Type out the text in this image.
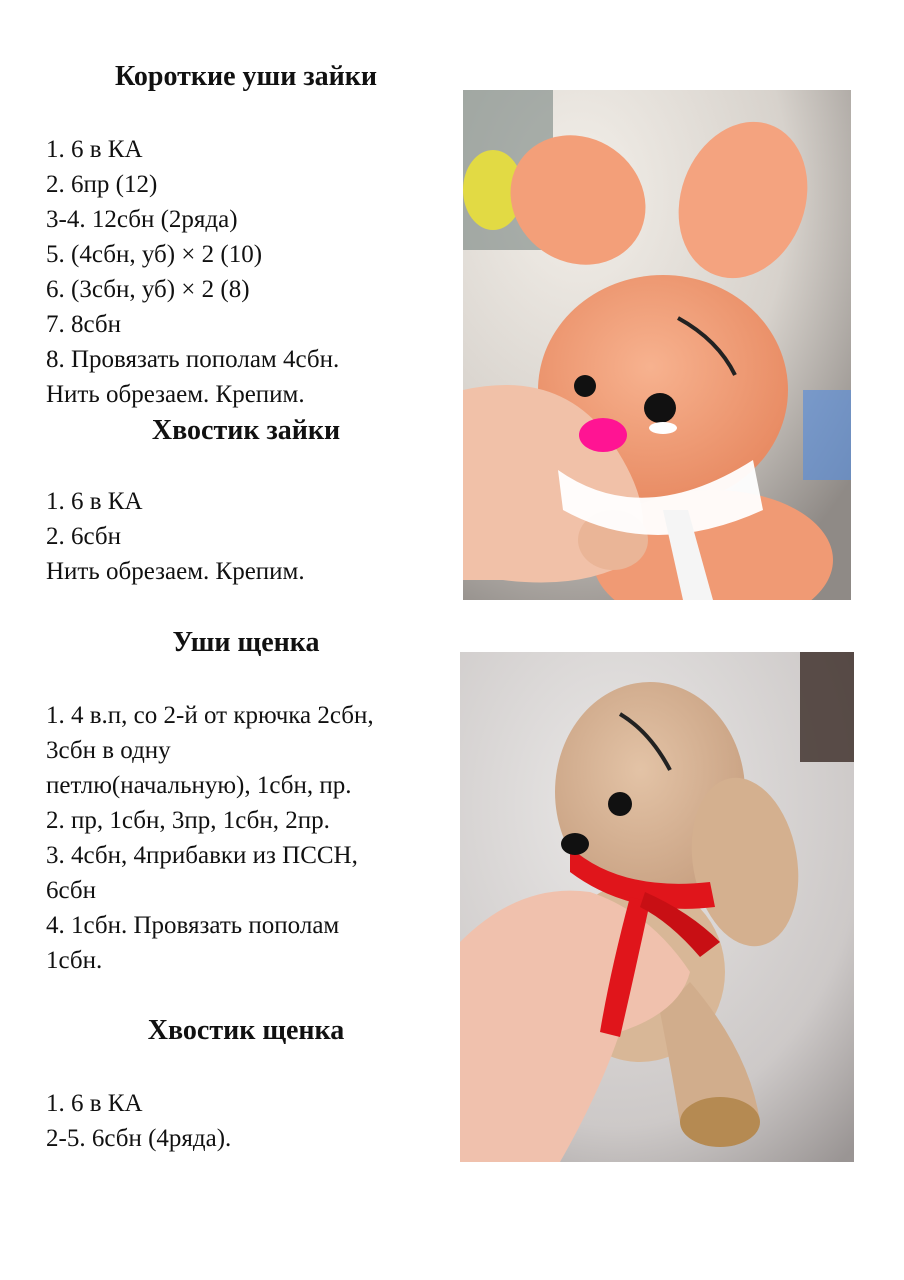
Короткие уши зайки
1. 6 в КА
2. 6пр (12)
3-4. 12сбн (2ряда)
5. (4сбн, уб) × 2 (10)
6. (3сбн, уб) × 2 (8)
7. 8сбн
8. Провязать пополам 4сбн.
Нить обрезаем. Крепим.
Хвостик зайки
1. 6 в КА
2. 6сбн
Нить обрезаем. Крепим.
Уши щенка
1. 4 в.п, со 2-й от крючка 2сбн,
3сбн в одну
петлю(начальную), 1сбн, пр.
2. пр, 1сбн, 3пр, 1сбн, 2пр.
3. 4сбн, 4прибавки из ПССН,
6сбн
4. 1сбн. Провязать пополам
1сбн.
Хвостик щенка
1. 6 в КА
2-5. 6сбн (4ряда).
